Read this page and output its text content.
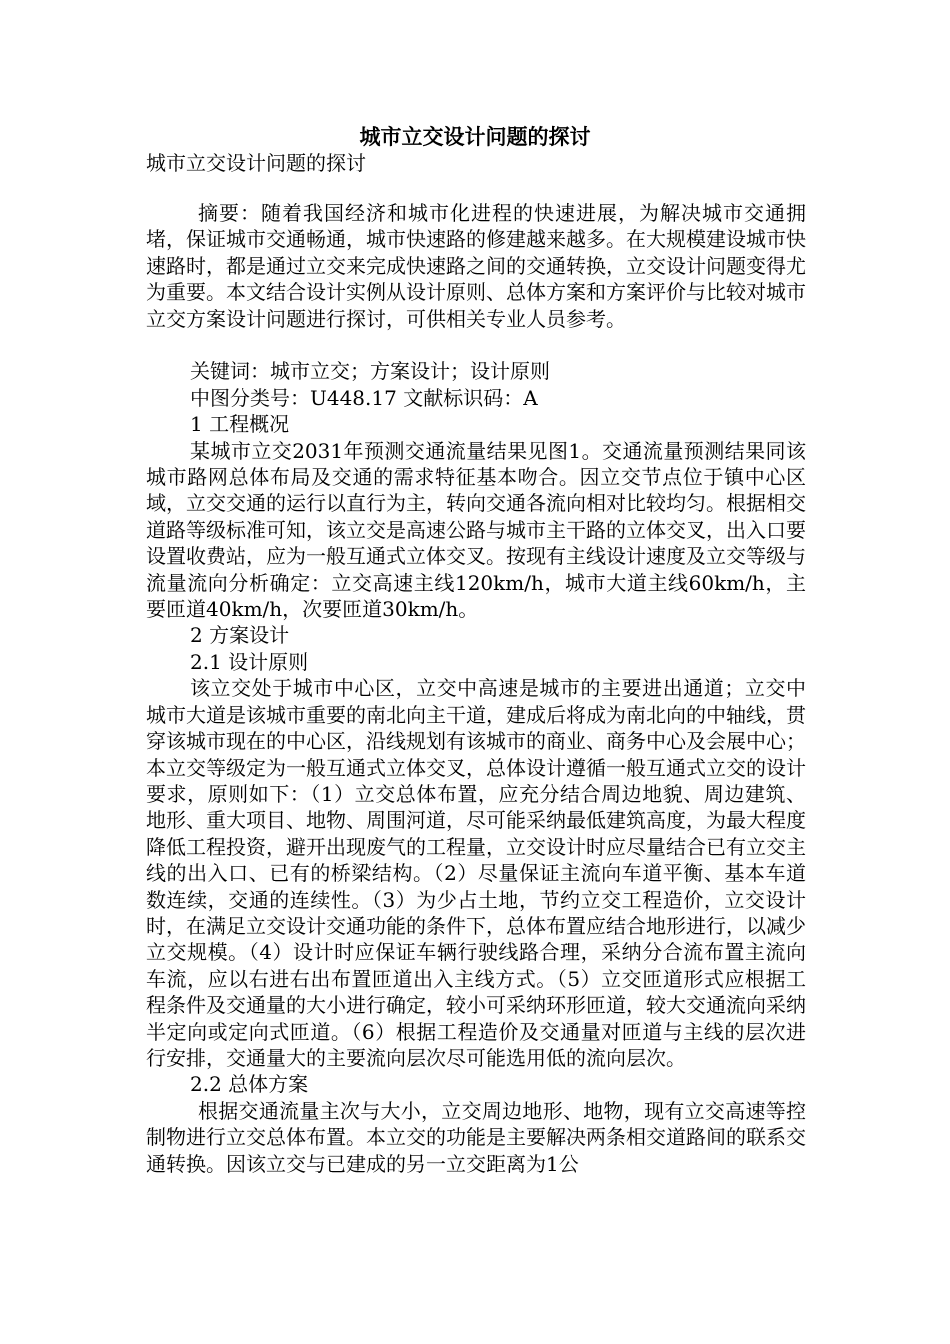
城市立交设计问题的探讨
城市立交设计问题的探讨

摘要：随着我国经济和城市化进程的快速进展，为解决城市交通拥堵，保证城市交通畅通，城市快速路的修建越来越多。在大规模建设城市快速路时，都是通过立交来完成快速路之间的交通转换，立交设计问题变得尤为重要。本文结合设计实例从设计原则、总体方案和方案评价与比较对城市立交方案设计问题进行探讨，可供相关专业人员参考。

关键词：城市立交；方案设计；设计原则

中图分类号：U448.17 文献标识码：A

1 工程概况

某城市立交2031年预测交通流量结果见图1。交通流量预测结果同该城市路网总体布局及交通的需求特征基本吻合。因立交节点位于镇中心区域，立交交通的运行以直行为主，转向交通各流向相对比较均匀。根据相交道路等级标准可知，该立交是高速公路与城市主干路的立体交叉，出入口要设置收费站，应为一般互通式立体交叉。按现有主线设计速度及立交等级与流量流向分析确定：立交高速主线120km/h，城市大道主线60km/h，主要匝道40km/h，次要匝道30km/h。

2 方案设计

2.1 设计原则

该立交处于城市中心区，立交中高速是城市的主要进出通道；立交中城市大道是该城市重要的南北向主干道，建成后将成为南北向的中轴线，贯穿该城市现在的中心区，沿线规划有该城市的商业、商务中心及会展中心；本立交等级定为一般互通式立体交叉，总体设计遵循一般互通式立交的设计要求，原则如下：（1）立交总体布置，应充分结合周边地貌、周边建筑、地形、重大项目、地物、周围河道，尽可能采纳最低建筑高度，为最大程度降低工程投资，避开出现废气的工程量，立交设计时应尽量结合已有立交主线的出入口、已有的桥梁结构。（2）尽量保证主流向车道平衡、基本车道数连续，交通的连续性。（3）为少占土地，节约立交工程造价，立交设计时，在满足立交设计交通功能的条件下，总体布置应结合地形进行，以减少立交规模。（4）设计时应保证车辆行驶线路合理，采纳分合流布置主流向车流，应以右进右出布置匝道出入主线方式。（5）立交匝道形式应根据工程条件及交通量的大小进行确定，较小可采纳环形匝道，较大交通流向采纳半定向或定向式匝道。（6）根据工程造价及交通量对匝道与主线的层次进行安排，交通量大的主要流向层次尽可能选用低的流向层次。

2.2 总体方案

根据交通流量主次与大小，立交周边地形、地物，现有立交高速等控制物进行立交总体布置。本立交的功能是主要解决两条相交道路间的联系交通转换。因该立交与已建成的另一立交距离为1公
